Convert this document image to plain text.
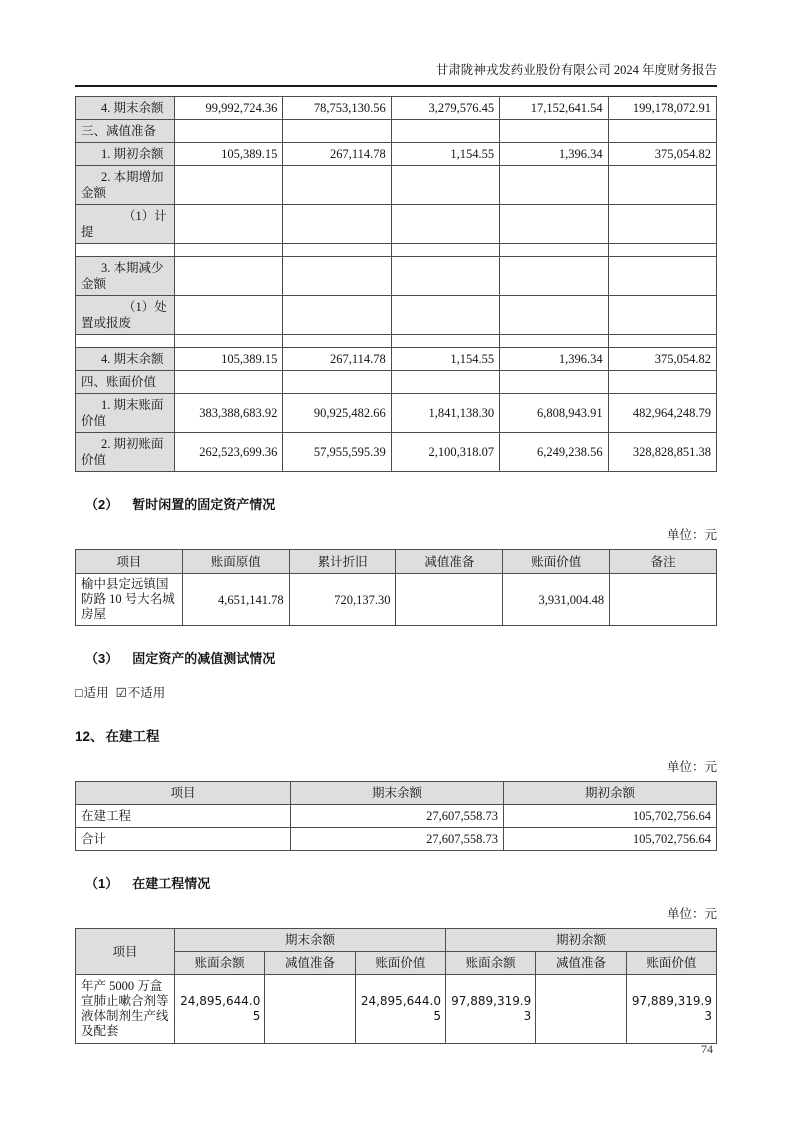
甘肃陇神戎发药业股份有限公司 2024 年度财务报告
4. 期末余额	99,992,724.36	78,753,130.56	3,279,576.45	17,152,641.54	199,178,072.91
三、减值准备					
1. 期初余额	105,389.15	267,114.78	1,154.55	1,396.34	375,054.82
2. 本期增加金额					
（1）计提					

3. 本期减少金额					
（1）处置或报废					

4. 期末余额	105,389.15	267,114.78	1,154.55	1,396.34	375,054.82
四、账面价值					
1. 期末账面价值	383,388,683.92	90,925,482.66	1,841,138.30	6,808,943.91	482,964,248.79
2. 期初账面价值	262,523,699.36	57,955,595.39	2,100,318.07	6,249,238.56	328,828,851.38
（2） 暂时闲置的固定资产情况
单位：元
项目	账面原值	累计折旧	减值准备	账面价值	备注
榆中县定远镇国防路 10 号大名城房屋	4,651,141.78	720,137.30		3,931,004.48	
（3） 固定资产的减值测试情况
□适用 ☑不适用
12、 在建工程
单位：元
项目	期末余额	期初余额
在建工程	27,607,558.73	105,702,756.64
合计	27,607,558.73	105,702,756.64
（1） 在建工程情况
单位：元
项目	期末余额			期初余额		
	账面余额	减值准备	账面价值	账面余额	减值准备	账面价值
年产 5000 万盒宣肺止嗽合剂等液体制剂生产线及配套	24,895,644.05		24,895,644.05	97,889,319.93		97,889,319.93
74
